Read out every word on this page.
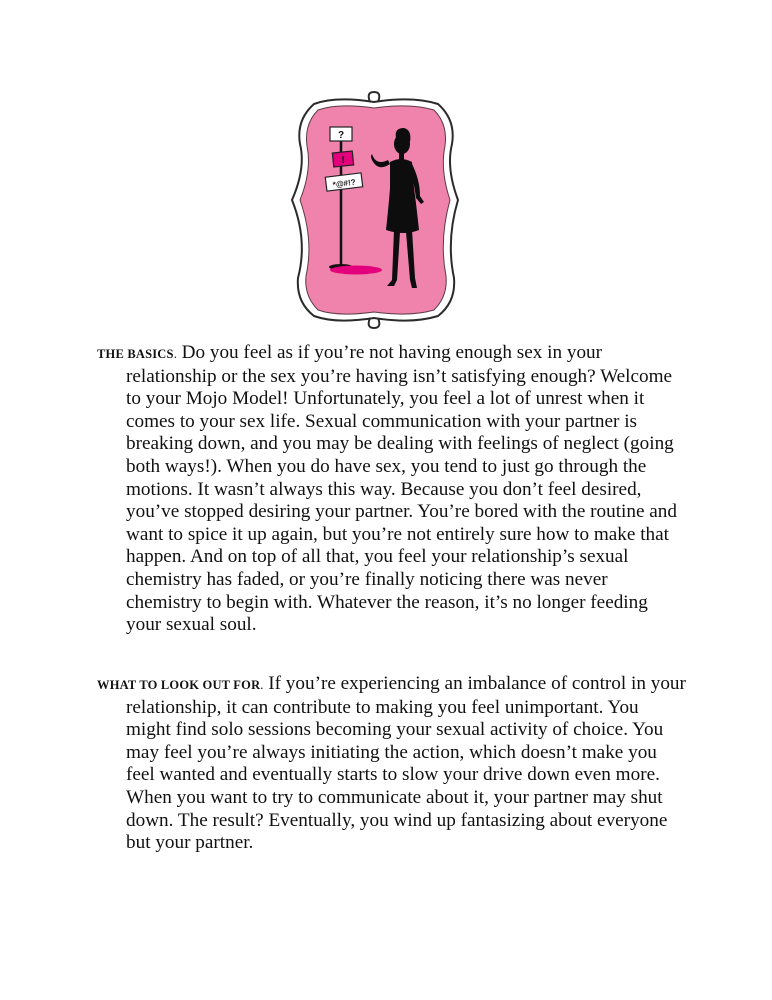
?
!
*@#!?
THE BASICS. Do you feel as if you’re not having enough sex in your relationship or the sex you’re having isn’t satisfying enough? Welcome to your Mojo Model! Unfortunately, you feel a lot of unrest when it comes to your sex life. Sexual communication with your partner is breaking down, and you may be dealing with feelings of neglect (going both ways!). When you do have sex, you tend to just go through the motions. It wasn’t always this way. Because you don’t feel desired, you’ve stopped desiring your partner. You’re bored with the routine and want to spice it up again, but you’re not entirely sure how to make that happen. And on top of all that, you feel your relationship’s sexual chemistry has faded, or you’re finally noticing there was never chemistry to begin with. Whatever the reason, it’s no longer feeding your sexual soul.
WHAT TO LOOK OUT FOR. If you’re experiencing an imbalance of control in your relationship, it can contribute to making you feel unimportant. You might find solo sessions becoming your sexual activity of choice. You may feel you’re always initiating the action, which doesn’t make you feel wanted and eventually starts to slow your drive down even more. When you want to try to communicate about it, your partner may shut down. The result? Eventually, you wind up fantasizing about everyone but your partner.
